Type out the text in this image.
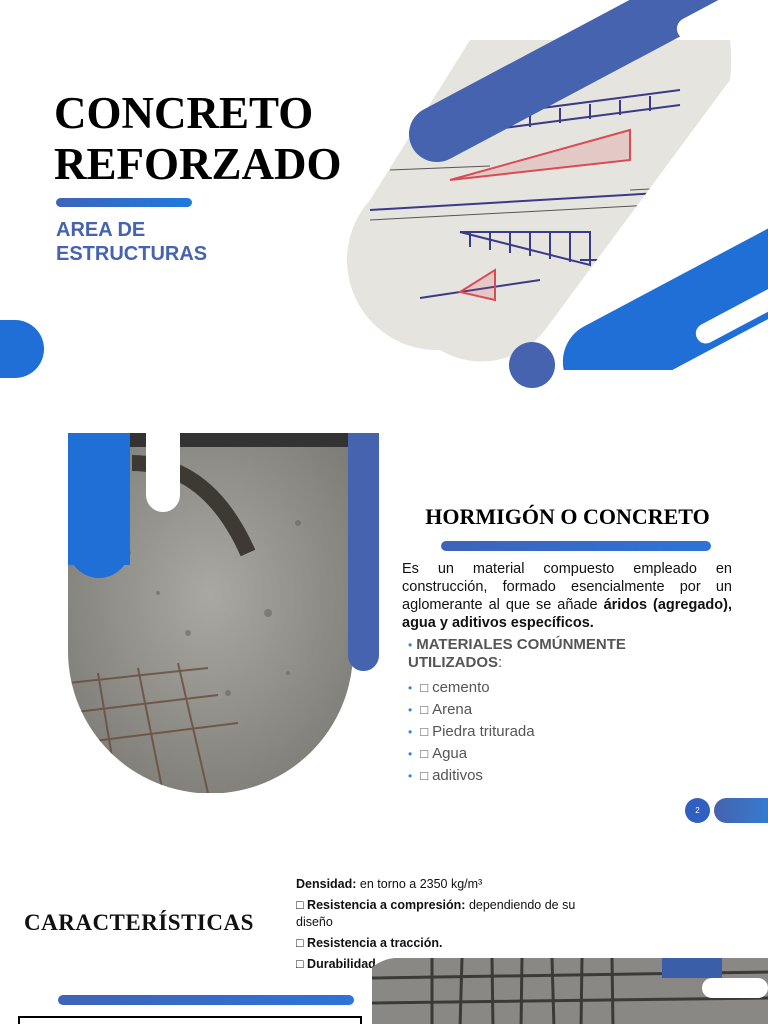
CONCRETO
REFORZADO

AREA DE
ESTRUCTURAS

HORMIGÓN O CONCRETO

Es un material compuesto empleado en construcción, formado esencialmente por un aglomerante al que se añade áridos (agregado), agua y aditivos específicos.

• MATERIALES COMÚNMENTE UTILIZADOS:
• □ cemento
• □ Arena
• □ Piedra triturada
• □ Agua
• □ aditivos
2

Densidad: en torno a 2350 kg/m³

□ Resistencia a compresión: dependiendo de su diseño

□ Resistencia a tracción.

□ Durabilidad

CARACTERÍSTICAS
